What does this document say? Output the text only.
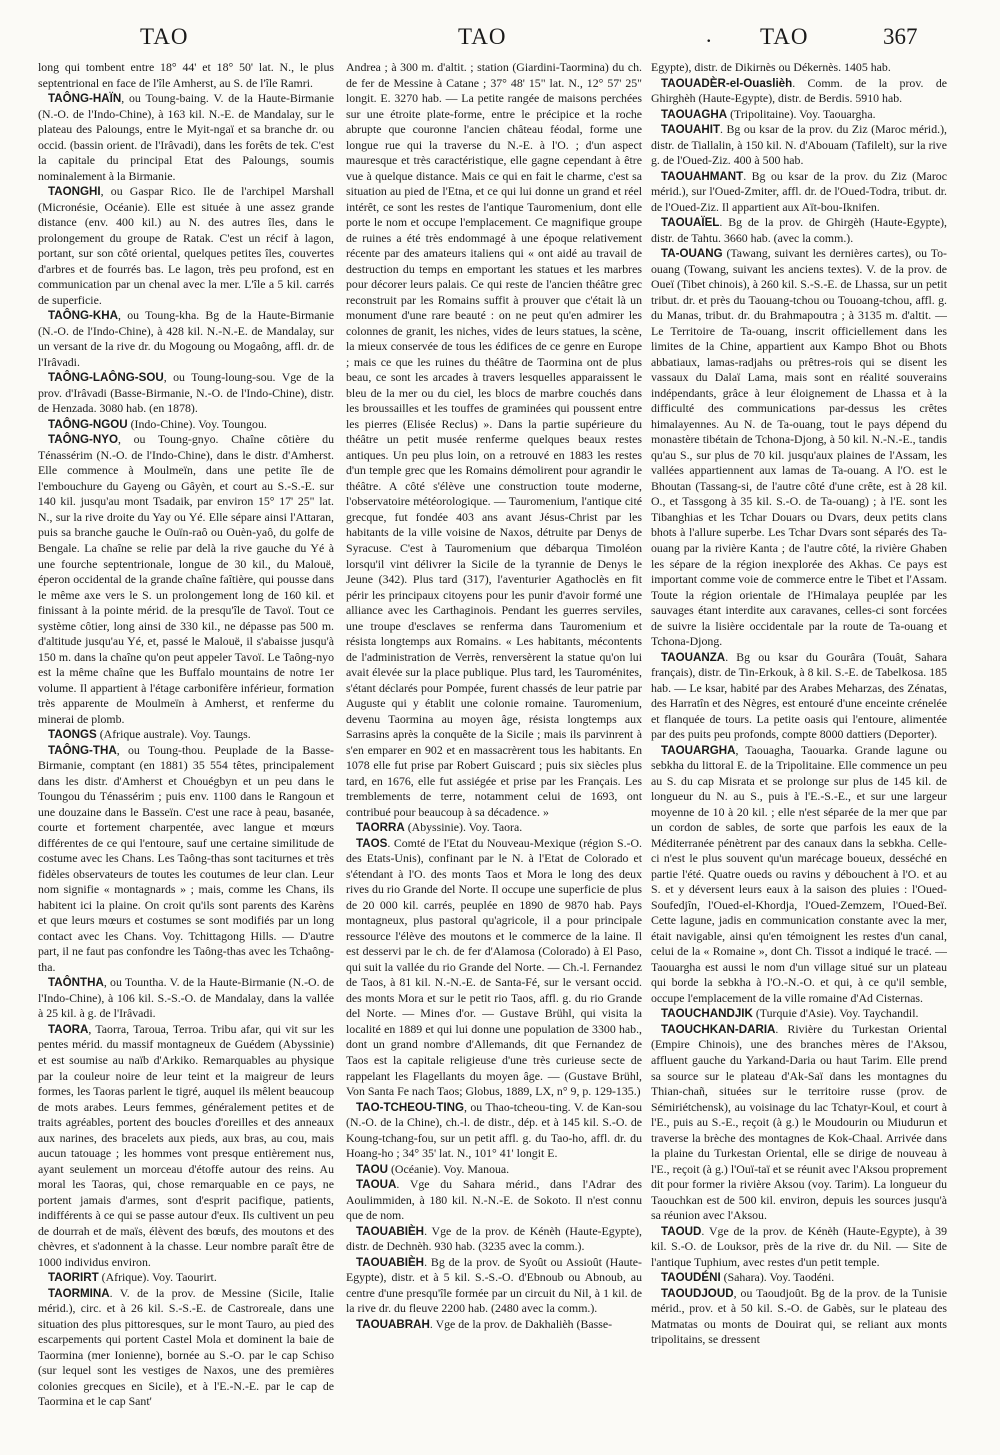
TAO	TAO	. TAO	367

long qui tombent entre 18° 44' et 18° 50' lat. N., le plus septentrional en face de l'île Amherst, au S. de l'île Ramri.

TAÔNG-HAÏN, ou Toung-baing. V. de la Haute-Birmanie (N.-O. de l'Indo-Chine), à 163 kil. N.-E. de Mandalay, sur le plateau des Paloungs, entre le Myit-ngaï et sa branche dr. ou occid. (bassin orient. de l'Irâvadi), dans les forêts de tek. C'est la capitale du principal Etat des Paloungs, soumis nominalement à la Birmanie.

TAONGHI, ou Gaspar Rico. Ile de l'archipel Marshall (Micronésie, Océanie). Elle est située à une assez grande distance (env. 400 kil.) au N. des autres îles, dans le prolongement du groupe de Ratak. C'est un récif à lagon, portant, sur son côté oriental, quelques petites îles, couvertes d'arbres et de fourrés bas. Le lagon, très peu profond, est en communication par un chenal avec la mer. L'île a 5 kil. carrés de superficie.

TAÔNG-KHA, ou Toung-kha. Bg de la Haute-Birmanie (N.-O. de l'Indo-Chine), à 428 kil. N.-N.-E. de Mandalay, sur un versant de la rive dr. du Mogoung ou Mogaông, affl. dr. de l'Irâvadi.

TAÔNG-LAÔNG-SOU, ou Toung-loung-sou. Vge de la prov. d'Irâvadi (Basse-Birmanie, N.-O. de l'Indo-Chine), distr. de Henzada. 3080 hab. (en 1878).

TAÔNG-NGOU (Indo-Chine). Voy. Toungou.

TAÔNG-NYO, ou Toung-gnyo. Chaîne côtière du Ténassérim (N.-O. de l'Indo-Chine), dans le distr. d'Amherst. Elle commence à Moulmeïn, dans une petite île de l'embouchure du Gayeng ou Gâyèn, et court au S.-S.-E. sur 140 kil. jusqu'au mont Tsadaik, par environ 15° 17' 25" lat. N., sur la rive droite du Yay ou Yé. Elle sépare ainsi l'Attaran, puis sa branche gauche le Ouïn-raô ou Ouèn-yaô, du golfe de Bengale. La chaîne se relie par delà la rive gauche du Yé à une fourche septentrionale, longue de 30 kil., du Malouë, éperon occidental de la grande chaîne faîtière, qui pousse dans le même axe vers le S. un prolongement long de 160 kil. et finissant à la pointe mérid. de la presqu'île de Tavoï. Tout ce système côtier, long ainsi de 330 kil., ne dépasse pas 500 m. d'altitude jusqu'au Yé, et, passé le Malouë, il s'abaisse jusqu'à 150 m. dans la chaîne qu'on peut appeler Tavoï. Le Taông-nyo est la même chaîne que les Buffalo mountains de notre 1er volume. Il appartient à l'étage carbonifère inférieur, formation très apparente de Moulmeïn à Amherst, et renferme du minerai de plomb.

TAONGS (Afrique australe). Voy. Taungs.

TAÔNG-THA, ou Toung-thou. Peuplade de la Basse-Birmanie, comptant (en 1881) 35 554 têtes, principalement dans les distr. d'Amherst et Chouégbyn et un peu dans le Toungou du Ténassérim ; puis env. 1100 dans le Rangoun et une douzaine dans le Basseïn. C'est une race à peau, basanée, courte et fortement charpentée, avec langue et mœurs différentes de ce qui l'entoure, sauf une certaine similitude de costume avec les Chans. Les Taông-thas sont taciturnes et très fidèles observateurs de toutes les coutumes de leur clan. Leur nom signifie « montagnards » ; mais, comme les Chans, ils habitent ici la plaine. On croit qu'ils sont parents des Karèns et que leurs mœurs et costumes se sont modifiés par un long contact avec les Chans. Voy. Tchittagong Hills. — D'autre part, il ne faut pas confondre les Taông-thas avec les Tchaông-tha.

TAÔNTHA, ou Tountha. V. de la Haute-Birmanie (N.-O. de l'Indo-Chine), à 106 kil. S.-S.-O. de Mandalay, dans la vallée à 25 kil. à g. de l'Irâvadi.

TAORA, Taorra, Taroua, Terroa. Tribu afar, qui vit sur les pentes mérid. du massif montagneux de Guédem (Abyssinie) et est soumise au naïb d'Arkiko. Remarquables au physique par la couleur noire de leur teint et la maigreur de leurs formes, les Taoras parlent le tigré, auquel ils mêlent beaucoup de mots arabes. Leurs femmes, généralement petites et de traits agréables, portent des boucles d'oreilles et des anneaux aux narines, des bracelets aux pieds, aux bras, au cou, mais aucun tatouage ; les hommes vont presque entièrement nus, ayant seulement un morceau d'étoffe autour des reins. Au moral les Taoras, qui, chose remarquable en ce pays, ne portent jamais d'armes, sont d'esprit pacifique, patients, indifférents à ce qui se passe autour d'eux. Ils cultivent un peu de dourrah et de maïs, élèvent des bœufs, des moutons et des chèvres, et s'adonnent à la chasse. Leur nombre paraît être de 1000 individus environ.

TAORIRT (Afrique). Voy. Taourirt.

TAORMINA. V. de la prov. de Messine (Sicile, Italie mérid.), circ. et à 26 kil. S.-S.-E. de Castroreale, dans une situation des plus pittoresques, sur le mont Tauro, au pied des escarpements qui portent Castel Mola et dominent la baie de Taormina (mer Ionienne), bornée au S.-O. par le cap Schiso (sur lequel sont les vestiges de Naxos, une des premières colonies grecques en Sicile), et à l'E.-N.-E. par le cap de Taormina et le cap Sant'

Andrea ; à 300 m. d'altit. ; station (Giardini-Taormina) du ch. de fer de Messine à Catane ; 37° 48' 15" lat. N., 12° 57' 25" longit. E. 3270 hab. — La petite rangée de maisons perchées sur une étroite plate-forme, entre le précipice et la roche abrupte que couronne l'ancien château féodal, forme une longue rue qui la traverse du N.-E. à l'O. ; d'un aspect mauresque et très caractéristique, elle gagne cependant à être vue à quelque distance. Mais ce qui en fait le charme, c'est sa situation au pied de l'Etna, et ce qui lui donne un grand et réel intérêt, ce sont les restes de l'antique Tauromenium, dont elle porte le nom et occupe l'emplacement. Ce magnifique groupe de ruines a été très endommagé à une époque relativement récente par des amateurs italiens qui « ont aidé au travail de destruction du temps en emportant les statues et les marbres pour décorer leurs palais. Ce qui reste de l'ancien théâtre grec reconstruit par les Romains suffit à prouver que c'était là un monument d'une rare beauté : on ne peut qu'en admirer les colonnes de granit, les niches, vides de leurs statues, la scène, la mieux conservée de tous les édifices de ce genre en Europe ; mais ce que les ruines du théâtre de Taormina ont de plus beau, ce sont les arcades à travers lesquelles apparaissent le bleu de la mer ou du ciel, les blocs de marbre couchés dans les broussailles et les touffes de graminées qui poussent entre les pierres (Elisée Reclus) ». Dans la partie supérieure du théâtre un petit musée renferme quelques beaux restes antiques. Un peu plus loin, on a retrouvé en 1883 les restes d'un temple grec que les Romains démolirent pour agrandir le théâtre. A côté s'élève une construction toute moderne, l'observatoire météorologique. — Tauromenium, l'antique cité grecque, fut fondée 403 ans avant Jésus-Christ par les habitants de la ville voisine de Naxos, détruite par Denys de Syracuse. C'est à Tauromenium que débarqua Timoléon lorsqu'il vint délivrer la Sicile de la tyrannie de Denys le Jeune (342). Plus tard (317), l'aventurier Agathoclès en fit périr les principaux citoyens pour les punir d'avoir formé une alliance avec les Carthaginois. Pendant les guerres serviles, une troupe d'esclaves se renferma dans Tauromenium et résista longtemps aux Romains. « Les habitants, mécontents de l'administration de Verrès, renversèrent la statue qu'on lui avait élevée sur la place publique. Plus tard, les Tauroménites, s'étant déclarés pour Pompée, furent chassés de leur patrie par Auguste qui y établit une colonie romaine. Tauromenium, devenu Taormina au moyen âge, résista longtemps aux Sarrasins après la conquête de la Sicile ; mais ils parvinrent à s'en emparer en 902 et en massacrèrent tous les habitants. En 1078 elle fut prise par Robert Guiscard ; puis six siècles plus tard, en 1676, elle fut assiégée et prise par les Français. Les tremblements de terre, notamment celui de 1693, ont contribué pour beaucoup à sa décadence. »

TAORRA (Abyssinie). Voy. Taora.

TAOS. Comté de l'Etat du Nouveau-Mexique (région S.-O. des Etats-Unis), confinant par le N. à l'Etat de Colorado et s'étendant à l'O. des monts Taos et Mora le long des deux rives du rio Grande del Norte. Il occupe une superficie de plus de 20 000 kil. carrés, peuplée en 1890 de 9870 hab. Pays montagneux, plus pastoral qu'agricole, il a pour principale ressource l'élève des moutons et le commerce de la laine. Il est desservi par le ch. de fer d'Alamosa (Colorado) à El Paso, qui suit la vallée du rio Grande del Norte. — Ch.-l. Fernandez de Taos, à 81 kil. N.-N.-E. de Santa-Fé, sur le versant occid. des monts Mora et sur le petit rio Taos, affl. g. du rio Grande del Norte. — Mines d'or. — Gustave Brühl, qui visita la localité en 1889 et qui lui donne une population de 3300 hab., dont un grand nombre d'Allemands, dit que Fernandez de Taos est la capitale religieuse d'une très curieuse secte de rappelant les Flagellants du moyen âge. — (Gustave Brühl, Von Santa Fe nach Taos; Globus, 1889, LX, n° 9, p. 129-135.)

TAO-TCHEOU-TING, ou Thao-tcheou-ting. V. de Kan-sou (N.-O. de la Chine), ch.-l. de distr., dép. et à 145 kil. S.-O. de Koung-tchang-fou, sur un petit affl. g. du Tao-ho, affl. dr. du Hoang-ho ; 34° 35' lat. N., 101° 41' longit E.

TAOU (Océanie). Voy. Manoua.

TAOUA. Vge du Sahara mérid., dans l'Adrar des Aoulimmiden, à 180 kil. N.-N.-E. de Sokoto. Il n'est connu que de nom.

TAOUABIÈH. Vge de la prov. de Kénèh (Haute-Egypte), distr. de Dechnèh. 930 hab. (3235 avec la comm.).

TAOUABIÈH. Bg de la prov. de Syoût ou Assioût (Haute-Egypte), distr. et à 5 kil. S.-S.-O. d'Ebnoub ou Abnoub, au centre d'une presqu'île formée par un circuit du Nil, à 1 kil. de la rive dr. du fleuve 2200 hab. (2480 avec la comm.).

TAOUABRAH. Vge de la prov. de Dakhalièh (Basse-

Egypte), distr. de Dikirnès ou Dékernès. 1405 hab.

TAOUADÈR-el-Ouaslièh. Comm. de la prov. de Ghirghèh (Haute-Egypte), distr. de Berdis. 5910 hab.

TAOUAGHA (Tripolitaine). Voy. Taouargha.

TAOUAHIT. Bg ou ksar de la prov. du Ziz (Maroc mérid.), distr. de Tiallalin, à 150 kil. N. d'Abouam (Tafilelt), sur la rive g. de l'Oued-Ziz. 400 à 500 hab.

TAOUAHMANT. Bg ou ksar de la prov. du Ziz (Maroc mérid.), sur l'Oued-Zmiter, affl. dr. de l'Oued-Todra, tribut. dr. de l'Oued-Ziz. Il appartient aux Aït-bou-Iknifen.

TAOUAÏEL. Bg de la prov. de Ghirgèh (Haute-Egypte), distr. de Tahtu. 3660 hab. (avec la comm.).

TA-OUANG (Tawang, suivant les dernières cartes), ou To-ouang (Towang, suivant les anciens textes). V. de la prov. de Oueï (Tibet chinois), à 260 kil. S.-S.-E. de Lhassa, sur un petit tribut. dr. et près du Taouang-tchou ou Touoang-tchou, affl. g. du Manas, tribut. dr. du Brahmapoutra ; à 3135 m. d'altit. — Le Territoire de Ta-ouang, inscrit officiellement dans les limites de la Chine, appartient aux Kampo Bhot ou Bhots abbatiaux, lamas-radjahs ou prêtres-rois qui se disent les vassaux du Dalaï Lama, mais sont en réalité souverains indépendants, grâce à leur éloignement de Lhassa et à la difficulté des communications par-dessus les crêtes himalayennes. Au N. de Ta-ouang, tout le pays dépend du monastère tibétain de Tchona-Djong, à 50 kil. N.-N.-E., tandis qu'au S., sur plus de 70 kil. jusqu'aux plaines de l'Assam, les vallées appartiennent aux lamas de Ta-ouang. A l'O. est le Bhoutan (Tassang-si, de l'autre côté d'une crête, est à 28 kil. O., et Tassgong à 35 kil. S.-O. de Ta-ouang) ; à l'E. sont les Tibanghias et les Tchar Douars ou Dvars, deux petits clans bhots à l'allure superbe. Les Tchar Dvars sont séparés des Ta-ouang par la rivière Kanta ; de l'autre côté, la rivière Ghaben les sépare de la région inexplorée des Akhas. Ce pays est important comme voie de commerce entre le Tibet et l'Assam. Toute la région orientale de l'Himalaya peuplée par les sauvages étant interdite aux caravanes, celles-ci sont forcées de suivre la lisière occidentale par la route de Ta-ouang et Tchona-Djong.

TAOUANZA. Bg ou ksar du Gourâra (Touât, Sahara français), distr. de Tin-Erkouk, à 8 kil. S.-E. de Tabelkosa. 185 hab. — Le ksar, habité par des Arabes Meharzas, des Zénatas, des Harratîn et des Nègres, est entouré d'une enceinte crénelée et flanquée de tours. La petite oasis qui l'entoure, alimentée par des puits peu profonds, compte 8000 dattiers (Deporter).

TAOUARGHA, Taouagha, Taouarka. Grande lagune ou sebkha du littoral E. de la Tripolitaine. Elle commence un peu au S. du cap Misrata et se prolonge sur plus de 145 kil. de longueur du N. au S., puis à l'E.-S.-E., et sur une largeur moyenne de 10 à 20 kil. ; elle n'est séparée de la mer que par un cordon de sables, de sorte que parfois les eaux de la Méditerranée pénètrent par des canaux dans la sebkha. Celle-ci n'est le plus souvent qu'un marécage boueux, desséché en partie l'été. Quatre oueds ou ravins y débouchent à l'O. et au S. et y déversent leurs eaux à la saison des pluies : l'Oued-Soufedjîn, l'Oued-el-Khordja, l'Oued-Zemzem, l'Oued-Beï. Cette lagune, jadis en communication constante avec la mer, était navigable, ainsi qu'en témoignent les restes d'un canal, celui de la « Romaine », dont Ch. Tissot a indiqué le tracé. — Taouargha est aussi le nom d'un village situé sur un plateau qui borde la sebkha à l'O.-N.-O. et qui, à ce qu'il semble, occupe l'emplacement de la ville romaine d'Ad Cisternas.

TAOUCHANDJIK (Turquie d'Asie). Voy. Taychandil.

TAOUCHKAN-DARIA. Rivière du Turkestan Oriental (Empire Chinois), une des branches mères de l'Aksou, affluent gauche du Yarkand-Daria ou haut Tarim. Elle prend sa source sur le plateau d'Ak-Saï dans les montagnes du Thian-chañ, situées sur le territoire russe (prov. de Sémiriétchensk), au voisinage du lac Tchatyr-Koul, et court à l'E., puis au S.-E., reçoit (à g.) le Moudourin ou Miudurun et traverse la brèche des montagnes de Kok-Chaal. Arrivée dans la plaine du Turkestan Oriental, elle se dirige de nouveau à l'E., reçoit (à g.) l'Ouï-taï et se réunit avec l'Aksou proprement dit pour former la rivière Aksou (voy. Tarim). La longueur du Taouchkan est de 500 kil. environ, depuis les sources jusqu'à sa réunion avec l'Aksou.

TAOUD. Vge de la prov. de Kénèh (Haute-Egypte), à 39 kil. S.-O. de Louksor, près de la rive dr. du Nil. — Site de l'antique Tuphium, avec restes d'un petit temple.

TAOUDÉNI (Sahara). Voy. Taodéni.

TAOUDJOUD, ou Taoudjoût. Bg de la prov. de la Tunisie mérid., prov. et à 50 kil. S.-O. de Gabès, sur le plateau des Matmatas ou monts de Douirat qui, se reliant aux monts tripolitains, se dressent
